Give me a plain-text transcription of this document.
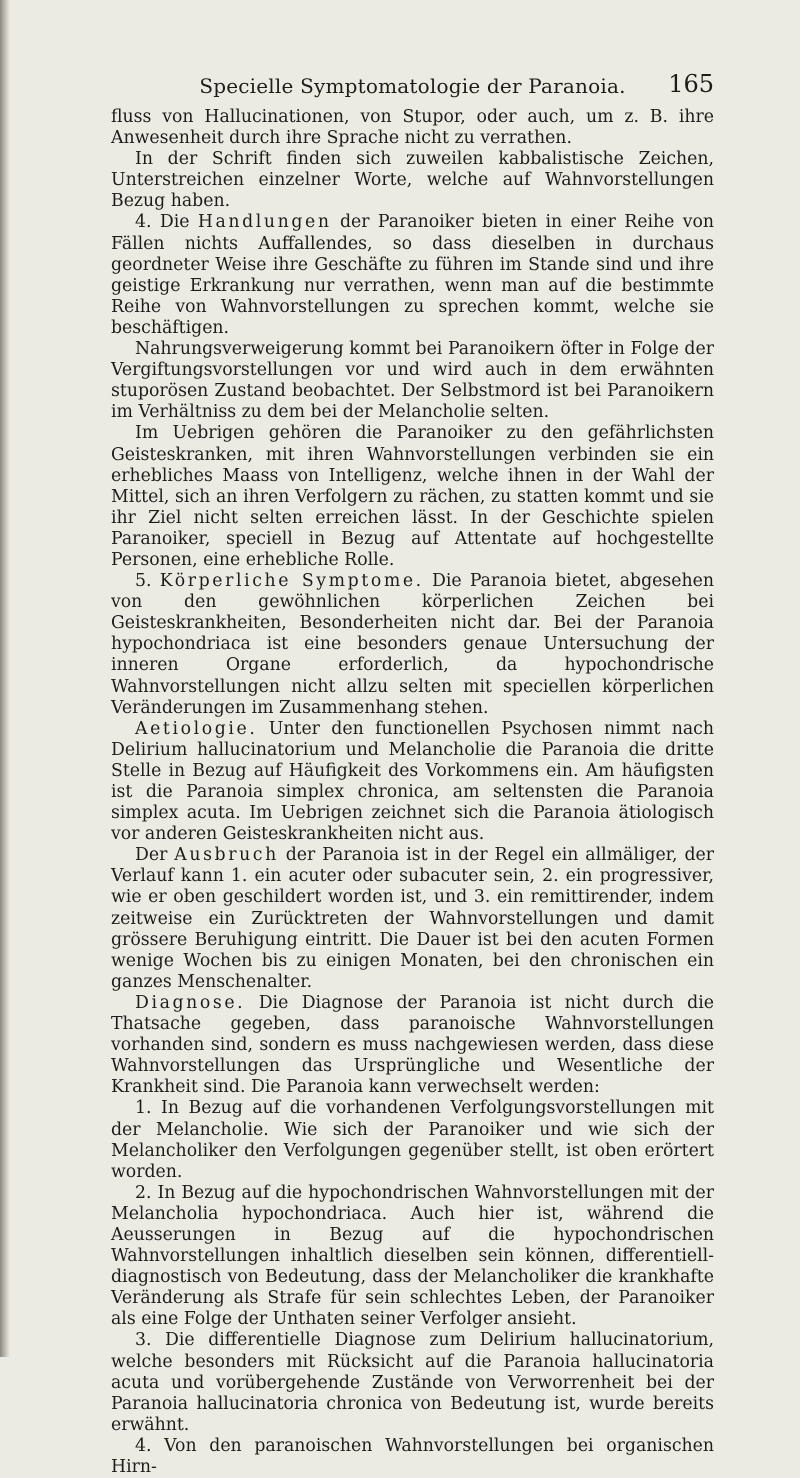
Specielle Symptomatologie der Paranoia.	165

fluss von Hallucinationen, von Stupor, oder auch, um z. B. ihre Anwesenheit durch ihre Sprache nicht zu verrathen.

In der Schrift finden sich zuweilen kabbalistische Zeichen, Unterstreichen einzelner Worte, welche auf Wahnvorstellungen Bezug haben.

4. Die Handlungen der Paranoiker bieten in einer Reihe von Fällen nichts Auffallendes, so dass dieselben in durchaus geordneter Weise ihre Geschäfte zu führen im Stande sind und ihre geistige Erkrankung nur verrathen, wenn man auf die bestimmte Reihe von Wahnvorstellungen zu sprechen kommt, welche sie beschäftigen.

Nahrungsverweigerung kommt bei Paranoikern öfter in Folge der Vergiftungsvorstellungen vor und wird auch in dem erwähnten stuporösen Zustand beobachtet. Der Selbstmord ist bei Paranoikern im Verhältniss zu dem bei der Melancholie selten.

Im Uebrigen gehören die Paranoiker zu den gefährlichsten Geisteskranken, mit ihren Wahnvorstellungen verbinden sie ein erhebliches Maass von Intelligenz, welche ihnen in der Wahl der Mittel, sich an ihren Verfolgern zu rächen, zu statten kommt und sie ihr Ziel nicht selten erreichen lässt. In der Geschichte spielen Paranoiker, speciell in Bezug auf Attentate auf hochgestellte Personen, eine erhebliche Rolle.

5. Körperliche Symptome. Die Paranoia bietet, abgesehen von den gewöhnlichen körperlichen Zeichen bei Geisteskrankheiten, Besonderheiten nicht dar. Bei der Paranoia hypochondriaca ist eine besonders genaue Untersuchung der inneren Organe erforderlich, da hypochondrische Wahnvorstellungen nicht allzu selten mit speciellen körperlichen Veränderungen im Zusammenhang stehen.

Aetiologie. Unter den functionellen Psychosen nimmt nach Delirium hallucinatorium und Melancholie die Paranoia die dritte Stelle in Bezug auf Häufigkeit des Vorkommens ein. Am häufigsten ist die Paranoia simplex chronica, am seltensten die Paranoia simplex acuta. Im Uebrigen zeichnet sich die Paranoia ätiologisch vor anderen Geisteskrankheiten nicht aus.

Der Ausbruch der Paranoia ist in der Regel ein allmäliger, der Verlauf kann 1. ein acuter oder subacuter sein, 2. ein progressiver, wie er oben geschildert worden ist, und 3. ein remittirender, indem zeitweise ein Zurücktreten der Wahnvorstellungen und damit grössere Beruhigung eintritt. Die Dauer ist bei den acuten Formen wenige Wochen bis zu einigen Monaten, bei den chronischen ein ganzes Menschenalter.

Diagnose. Die Diagnose der Paranoia ist nicht durch die Thatsache gegeben, dass paranoische Wahnvorstellungen vorhanden sind, sondern es muss nachgewiesen werden, dass diese Wahnvorstellungen das Ursprüngliche und Wesentliche der Krankheit sind. Die Paranoia kann verwechselt werden:

1. In Bezug auf die vorhandenen Verfolgungsvorstellungen mit der Melancholie. Wie sich der Paranoiker und wie sich der Melancholiker den Verfolgungen gegenüber stellt, ist oben erörtert worden.

2. In Bezug auf die hypochondrischen Wahnvorstellungen mit der Melancholia hypochondriaca. Auch hier ist, während die Aeusserungen in Bezug auf die hypochondrischen Wahnvorstellungen inhaltlich dieselben sein können, differentiell-diagnostisch von Bedeutung, dass der Melancholiker die krankhafte Veränderung als Strafe für sein schlechtes Leben, der Paranoiker als eine Folge der Unthaten seiner Verfolger ansieht.

3. Die differentielle Diagnose zum Delirium hallucinatorium, welche besonders mit Rücksicht auf die Paranoia hallucinatoria acuta und vorübergehende Zustände von Verworrenheit bei der Paranoia hallucinatoria chronica von Bedeutung ist, wurde bereits erwähnt.

4. Von den paranoischen Wahnvorstellungen bei organischen Hirn-
